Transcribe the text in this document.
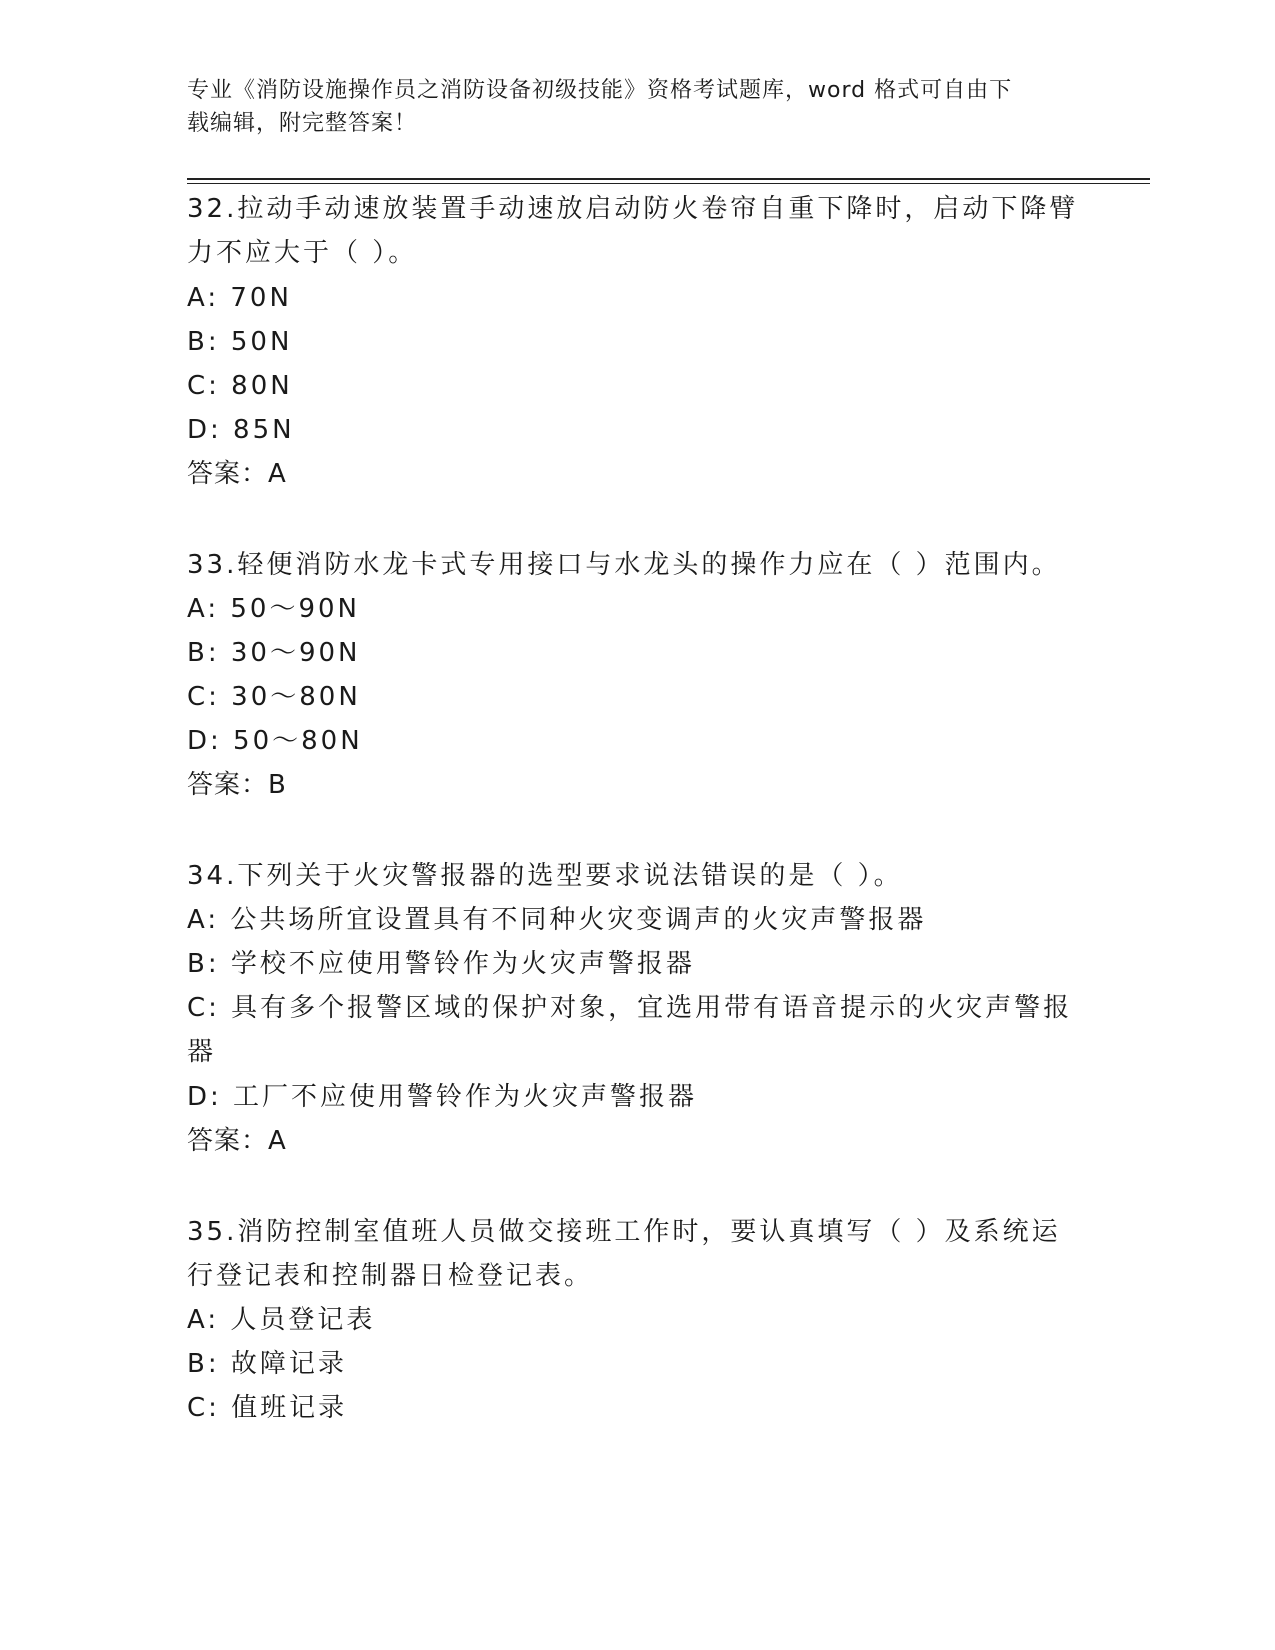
专业《消防设施操作员之消防设备初级技能》资格考试题库，word 格式可自由下
载编辑，附完整答案！
32.拉动手动速放装置手动速放启动防火卷帘自重下降时，启动下降臂
力不应大于（ ）。
A: 70N
B: 50N
C: 80N
D: 85N
答案：A
33.轻便消防水龙卡式专用接口与水龙头的操作力应在（ ）范围内。
A: 50～90N
B: 30～90N
C: 30～80N
D: 50～80N
答案：B
34.下列关于火灾警报器的选型要求说法错误的是（ ）。
A: 公共场所宜设置具有不同种火灾变调声的火灾声警报器
B: 学校不应使用警铃作为火灾声警报器
C: 具有多个报警区域的保护对象，宜选用带有语音提示的火灾声警报
器
D: 工厂不应使用警铃作为火灾声警报器
答案：A
35.消防控制室值班人员做交接班工作时，要认真填写（ ）及系统运
行登记表和控制器日检登记表。
A: 人员登记表
B: 故障记录
C: 值班记录
